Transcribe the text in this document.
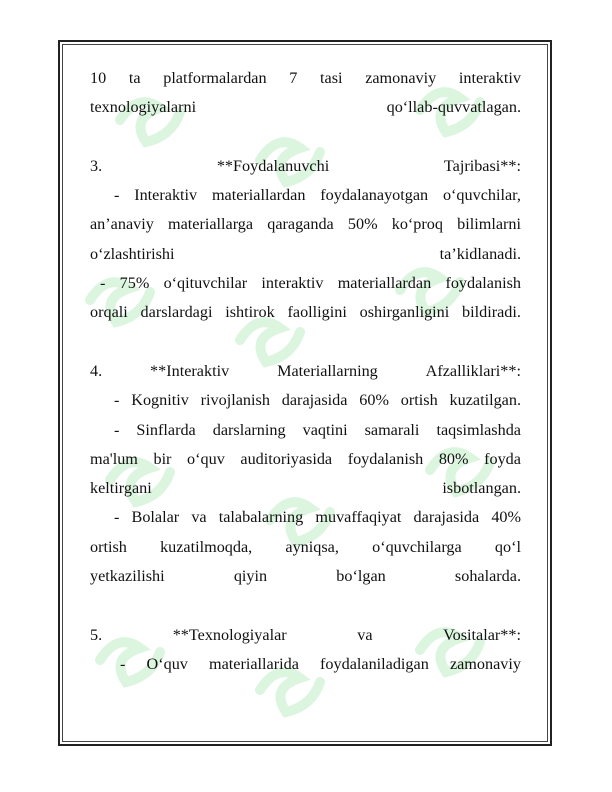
10 ta platformalardan 7 tasi zamonaviy interaktiv
texnologiyalarni	qo‘llab-quvvatlagan.
3.	**Foydalanuvchi	Tajribasi**:
- Interaktiv materiallardan foydalanayotgan o‘quvchilar,
an’anaviy materiallarga qaraganda 50% ko‘proq bilimlarni
o‘zlashtirishi	ta’kidlanadi.
- 75% o‘qituvchilar interaktiv materiallardan foydalanish
orqali darslardagi ishtirok faolligini oshirganligini bildiradi.
4.	**Interaktiv	Materiallarning	Afzalliklari**:
- Kognitiv rivojlanish darajasida 60% ortish kuzatilgan.
- Sinflarda darslarning vaqtini samarali taqsimlashda
ma'lum bir o‘quv auditoriyasida foydalanish 80% foyda
keltirgani	isbotlangan.
- Bolalar va talabalarning muvaffaqiyat darajasida 40%
ortish kuzatilmoqda, ayniqsa, o‘quvchilarga qo‘l
yetkazilishi	qiyin	bo‘lgan	sohalarda.
5.	**Texnologiyalar	va	Vositalar**:
- O‘quv materiallarida foydalaniladigan zamonaviy
